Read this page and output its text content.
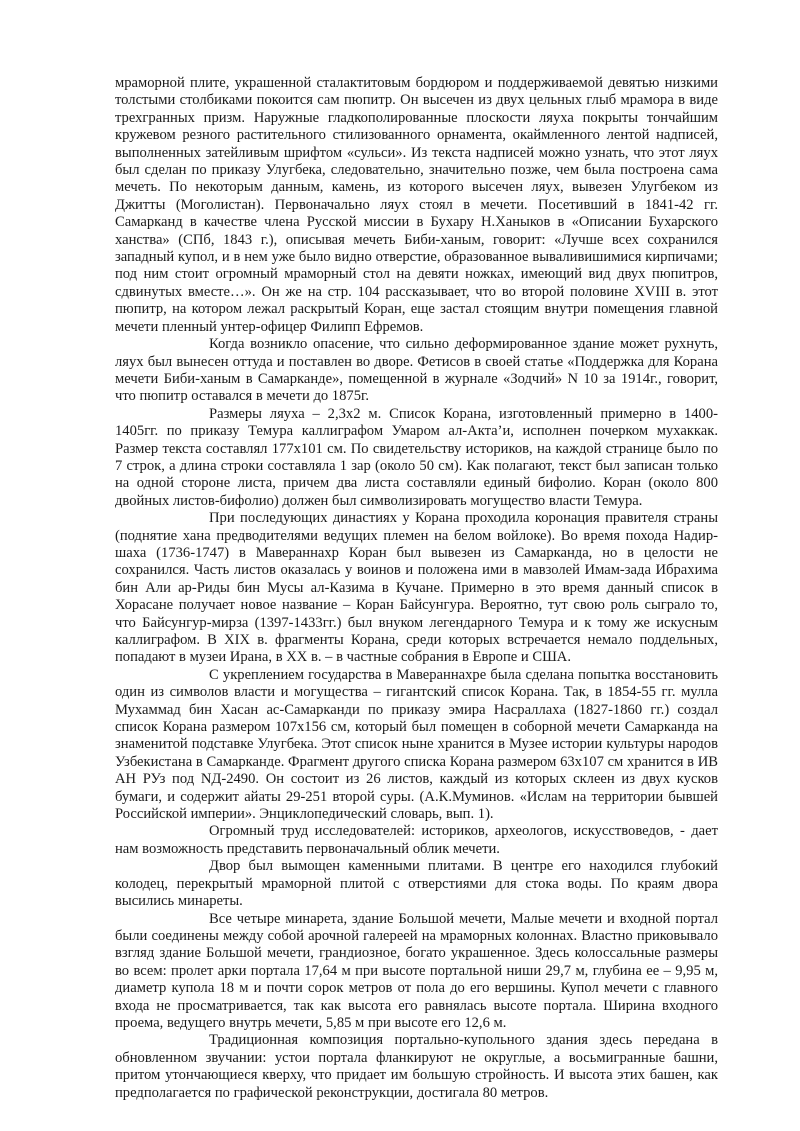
мраморной плите, украшенной сталактитовым бордюром и поддерживаемой девятью низкими толстыми столбиками покоится сам пюпитр. Он высечен из двух цельных глыб мрамора в виде трехгранных призм. Наружные гладкополированные плоскости ляуха покрыты тончайшим кружевом резного растительного стилизованного орнамента, окаймленного лентой надписей, выполненных затейливым шрифтом «сульси». Из текста надписей можно узнать, что этот ляух был сделан по приказу Улугбека, следовательно, значительно позже, чем была построена сама мечеть. По некоторым данным, камень, из которого высечен ляух, вывезен Улугбеком из Джитты (Моголистан). Первоначально ляух стоял в мечети. Посетивший в 1841-42 гг. Самарканд в качестве члена Русской миссии в Бухару Н.Ханыков в «Описании Бухарского ханства» (СПб, 1843 г.), описывая мечеть Биби-ханым, говорит: «Лучше всех сохранился западный купол, и в нем уже было видно отверстие, образованное вываливишимися кирпичами; под ним стоит огромный мраморный стол на девяти ножках, имеющий вид двух пюпитров, сдвинутых вместе…». Он же на стр. 104 рассказывает, что во второй половине XVIII в. этот пюпитр, на котором лежал раскрытый Коран, еще застал стоящим внутри помещения главной мечети пленный унтер-офицер Филипп Ефремов.

Когда возникло опасение, что сильно деформированное здание может рухнуть, ляух был вынесен оттуда и поставлен во дворе. Фетисов в своей статье «Поддержка для Корана мечети Биби-ханым в Самарканде», помещенной в журнале «Зодчий» N 10 за 1914г., говорит, что пюпитр оставался в мечети до 1875г.

Размеры ляуха – 2,3х2 м. Список Корана, изготовленный примерно в 1400-1405гг. по приказу Темура каллиграфом Умаром ал-Акта’и, исполнен почерком мухаккак. Размер текста составлял 177х101 см. По свидетельству историков, на каждой странице было по 7 строк, а длина строки составляла 1 зар (около 50 см). Как полагают, текст был записан только на одной стороне листа, причем два листа составляли единый бифолио. Коран (около 800 двойных листов-бифолио) должен был символизировать могущество власти Темура.

При последующих династиях у Корана проходила коронация правителя страны (поднятие хана предводителями ведущих племен на белом войлоке). Во время похода Надир-шаха (1736-1747) в Мавераннахр Коран был вывезен из Самарканда, но в целости не сохранился. Часть листов оказалась у воинов и положена ими в мавзолей Имам-зада Ибрахима бин Али ар-Риды бин Мусы ал-Казима в Кучане. Примерно в это время данный список в Хорасане получает новое название – Коран Байсунгура. Вероятно, тут свою роль сыграло то, что Байсунгур-мирза (1397-1433гг.) был внуком легендарного Темура и к тому же искусным каллиграфом. В XIX в. фрагменты Корана, среди которых встречается немало поддельных, попадают в музеи Ирана, в XX в. – в частные собрания в Европе и США.

С укреплением государства в Мавераннахре была сделана попытка восстановить один из символов власти и могущества – гигантский список Корана. Так, в 1854-55 гг. мулла Мухаммад бин Хасан ас-Самарканди по приказу эмира Насраллаха (1827-1860 гг.) создал список Корана размером 107х156 см, который был помещен в соборной мечети Самарканда на знаменитой подставке Улугбека. Этот список ныне хранится в Музее истории культуры народов Узбекистана в Самарканде. Фрагмент другого списка Корана размером 63х107 см хранится в ИВ АН РУз под NД-2490. Он состоит из 26 листов, каждый из которых склеен из двух кусков бумаги, и содержит айаты 29-251 второй суры. (А.К.Муминов. «Ислам на территории бывшей Российской империи». Энциклопедический словарь, вып. 1).

Огромный труд исследователей: историков, археологов, искусствоведов, - дает нам возможность представить первоначальный облик мечети.

Двор был вымощен каменными плитами. В центре его находился глубокий колодец, перекрытый мраморной плитой с отверстиями для стока воды. По краям двора высились минареты.

Все четыре минарета, здание Большой мечети, Малые мечети и входной портал были соединены между собой арочной галереей на мраморных колоннах. Властно приковывало взгляд здание Большой мечети, грандиозное, богато украшенное. Здесь колоссальные размеры во всем: пролет арки портала 17,64 м при высоте портальной ниши 29,7 м, глубина ее – 9,95 м, диаметр купола 18 м и почти сорок метров от пола до его вершины. Купол мечети с главного входа не просматривается, так как высота его равнялась высоте портала. Ширина входного проема, ведущего внутрь мечети, 5,85 м при высоте его 12,6 м.

Традиционная композиция портально-купольного здания здесь передана в обновленном звучании: устои портала фланкируют не округлые, а восьмигранные башни, притом утончающиеся кверху, что придает им большую стройность. И высота этих башен, как предполагается по графической реконструкции, достигала 80 метров.
